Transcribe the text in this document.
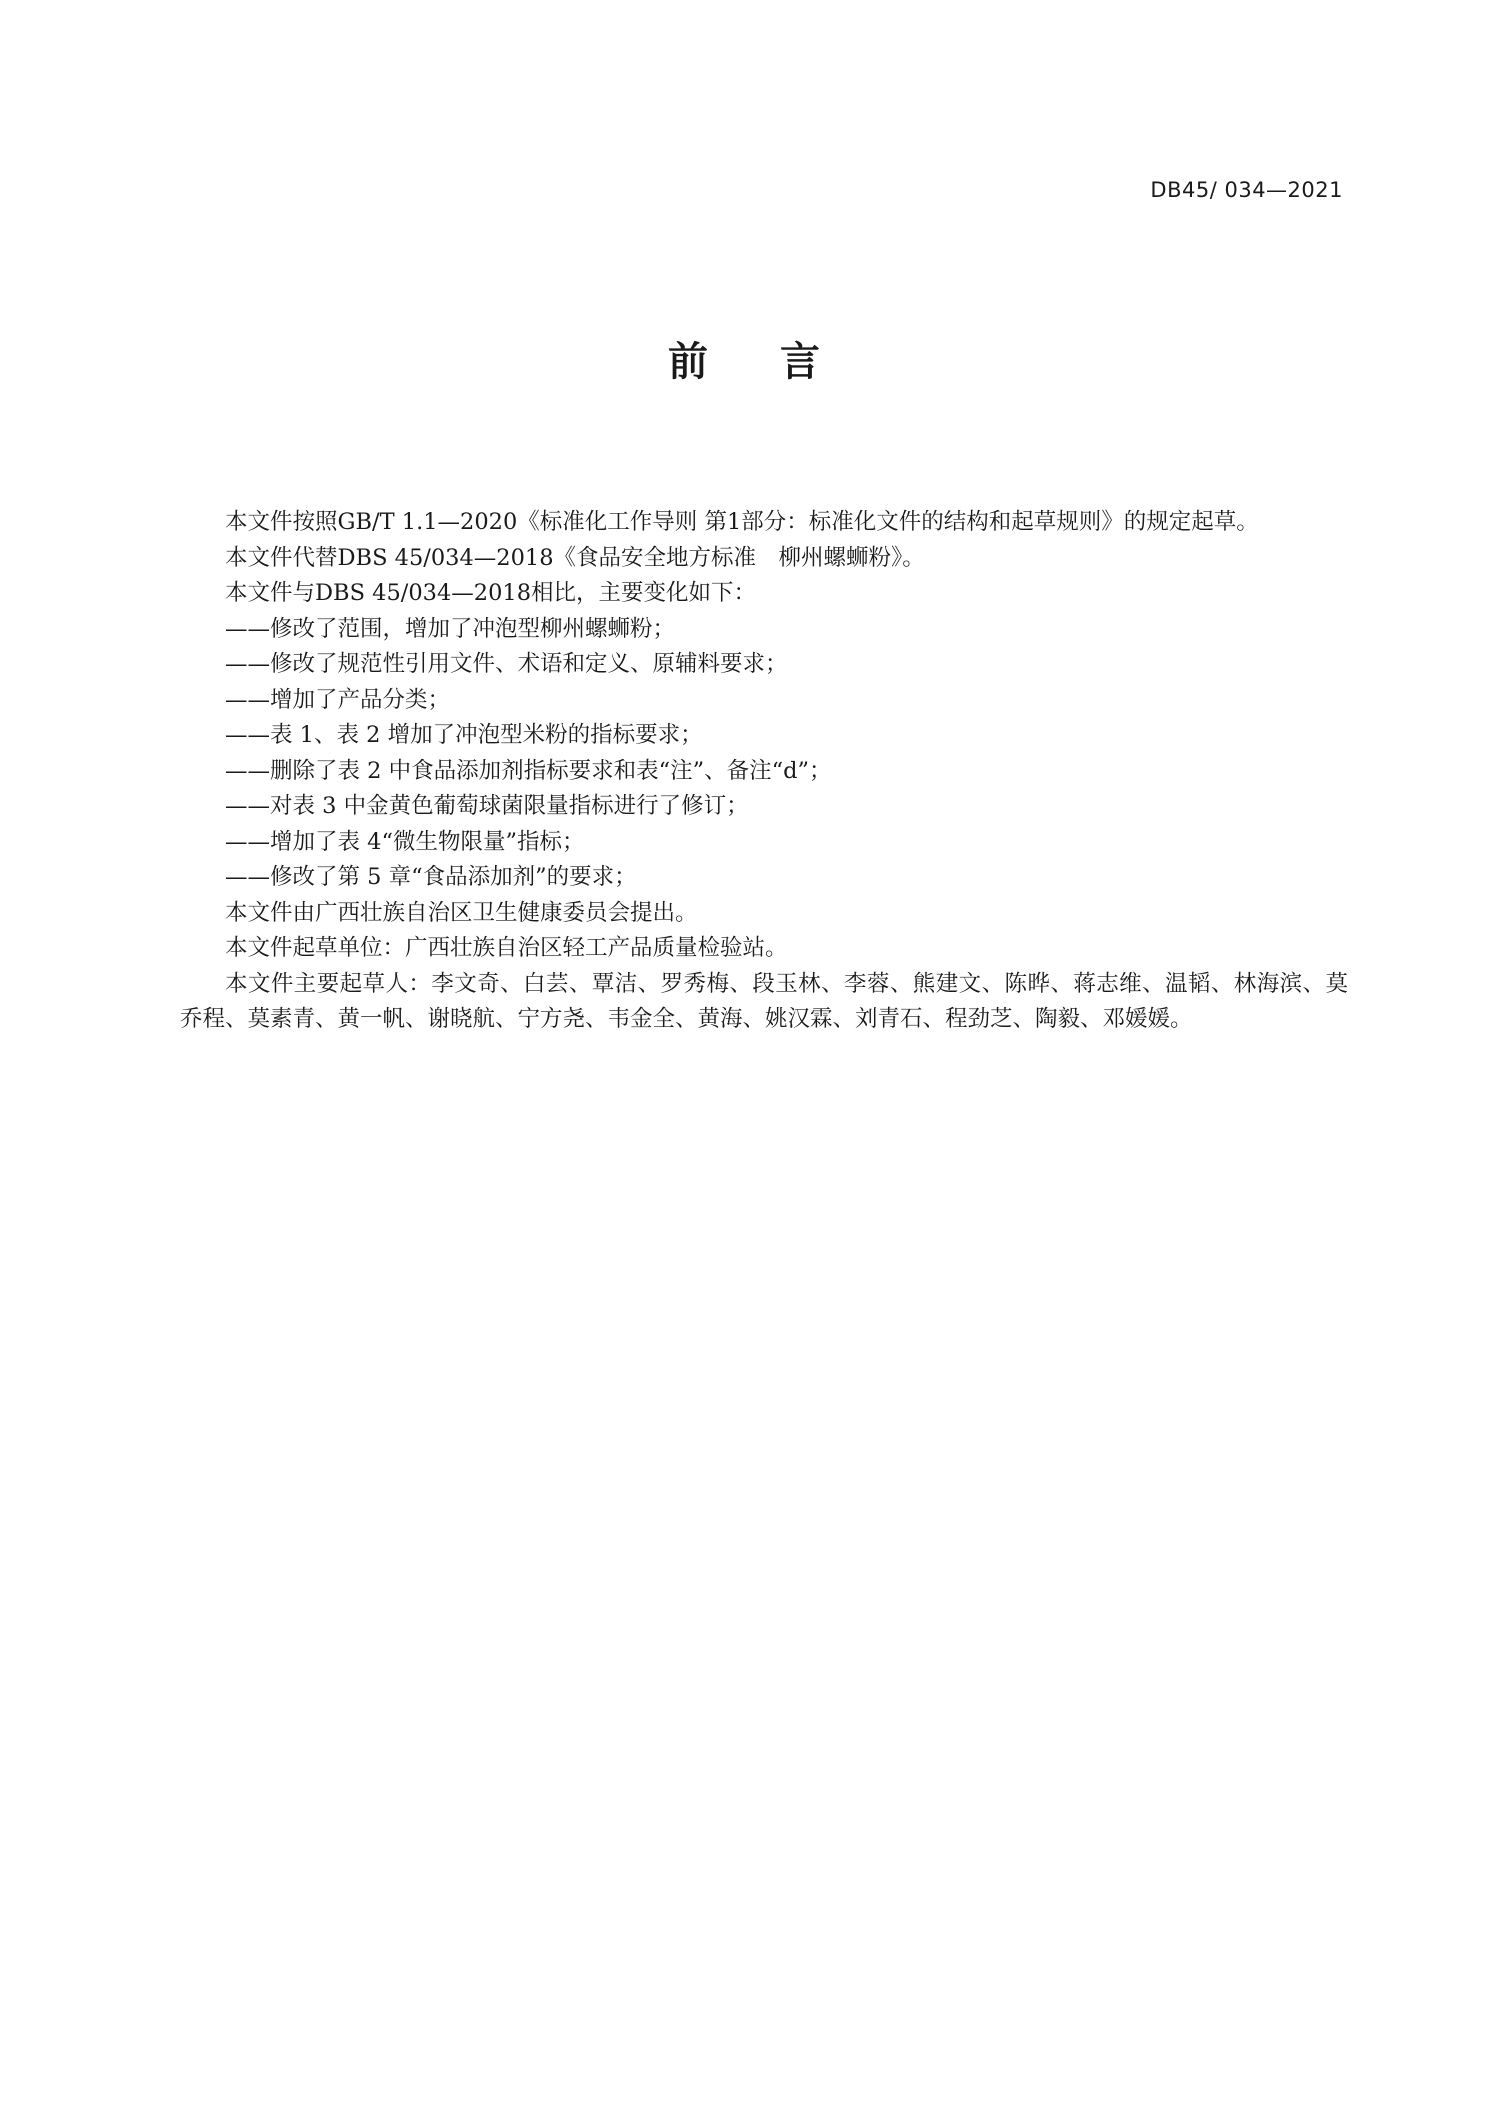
DB45/ 034—2021
前言

本文件按照GB/T 1.1—2020《标准化工作导则 第1部分：标准化文件的结构和起草规则》的规定起草。

本文件代替DBS 45/034—2018《食品安全地方标准　柳州螺蛳粉》。

本文件与DBS 45/034—2018相比，主要变化如下：

——修改了范围，增加了冲泡型柳州螺蛳粉；

——修改了规范性引用文件、术语和定义、原辅料要求；

——增加了产品分类；

——表 1、表 2 增加了冲泡型米粉的指标要求；

——删除了表 2 中食品添加剂指标要求和表“注”、备注“d”；

——对表 3 中金黄色葡萄球菌限量指标进行了修订；

——增加了表 4“微生物限量”指标；

——修改了第 5 章“食品添加剂”的要求；

本文件由广西壮族自治区卫生健康委员会提出。

本文件起草单位：广西壮族自治区轻工产品质量检验站。

本文件主要起草人：李文奇、白芸、覃洁、罗秀梅、段玉林、李蓉、熊建文、陈晔、蒋志维、温韬、林海滨、莫乔程、莫素青、黄一帆、谢晓航、宁方尧、韦金全、黄海、姚汉霖、刘青石、程劲芝、陶毅、邓媛媛。
